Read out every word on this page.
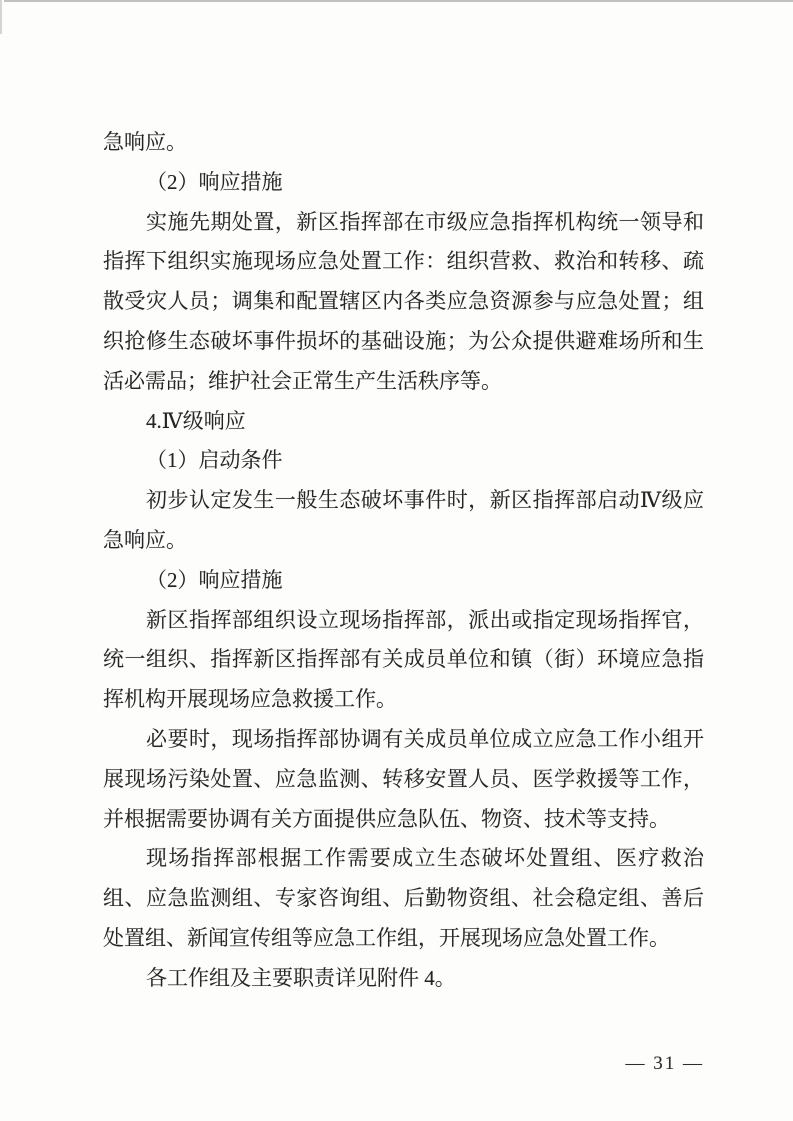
急响应。
（2）响应措施
实施先期处置，新区指挥部在市级应急指挥机构统一领导和
指挥下组织实施现场应急处置工作：组织营救、救治和转移、疏
散受灾人员；调集和配置辖区内各类应急资源参与应急处置；组
织抢修生态破坏事件损坏的基础设施；为公众提供避难场所和生
活必需品；维护社会正常生产生活秩序等。
4.Ⅳ级响应
（1）启动条件
初步认定发生一般生态破坏事件时，新区指挥部启动Ⅳ级应
急响应。
（2）响应措施
新区指挥部组织设立现场指挥部，派出或指定现场指挥官，
统一组织、指挥新区指挥部有关成员单位和镇（街）环境应急指
挥机构开展现场应急救援工作。
必要时，现场指挥部协调有关成员单位成立应急工作小组开
展现场污染处置、应急监测、转移安置人员、医学救援等工作，
并根据需要协调有关方面提供应急队伍、物资、技术等支持。
现场指挥部根据工作需要成立生态破坏处置组、医疗救治
组、应急监测组、专家咨询组、后勤物资组、社会稳定组、善后
处置组、新闻宣传组等应急工作组，开展现场应急处置工作。
各工作组及主要职责详见附件 4。
— 31 —
